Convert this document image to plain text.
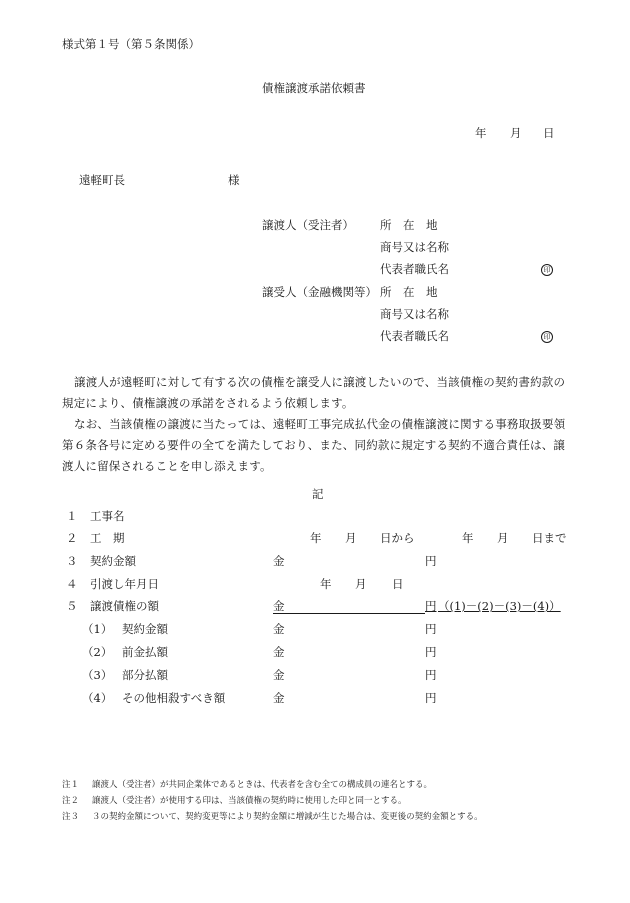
様式第１号（第５条関係）
債権譲渡承諾依頼書
年 月 日
遠軽町長	様
譲渡人（受注者） 所　在　地
商号又は名称
代表者職氏名	印
譲受人（金融機関等） 所　在　地
商号又は名称
代表者職氏名	印
譲渡人が遠軽町に対して有する次の債権を譲受人に譲渡したいので、当該債権の契約書約款の規定により、債権譲渡の承諾をされるよう依頼します。
なお、当該債権の譲渡に当たっては、遠軽町工事完成払代金の債権譲渡に関する事務取扱要領第６条各号に定める要件の全てを満たしており、また、同約款に規定する契約不適合責任は、譲渡人に留保されることを申し添えます。
記
１ 工事名
２ 工　期	年 月 日から	年 月 日まで
３ 契約金額	金	円
４ 引渡し年月日	年 月 日
５ 譲渡債権の額	金	円 （(1)－(2)－(3)－(4)）
（1） 契約金額	金	円
（2） 前金払額	金	円
（3） 部分払額	金	円
（4） その他相殺すべき額	金	円
注１ 譲渡人（受注者）が共同企業体であるときは、代表者を含む全ての構成員の連名とする。
注２ 譲渡人（受注者）が使用する印は、当該債権の契約時に使用した印と同一とする。
注３ ３の契約金額について、契約変更等により契約金額に増減が生じた場合は、変更後の契約金額とする。
